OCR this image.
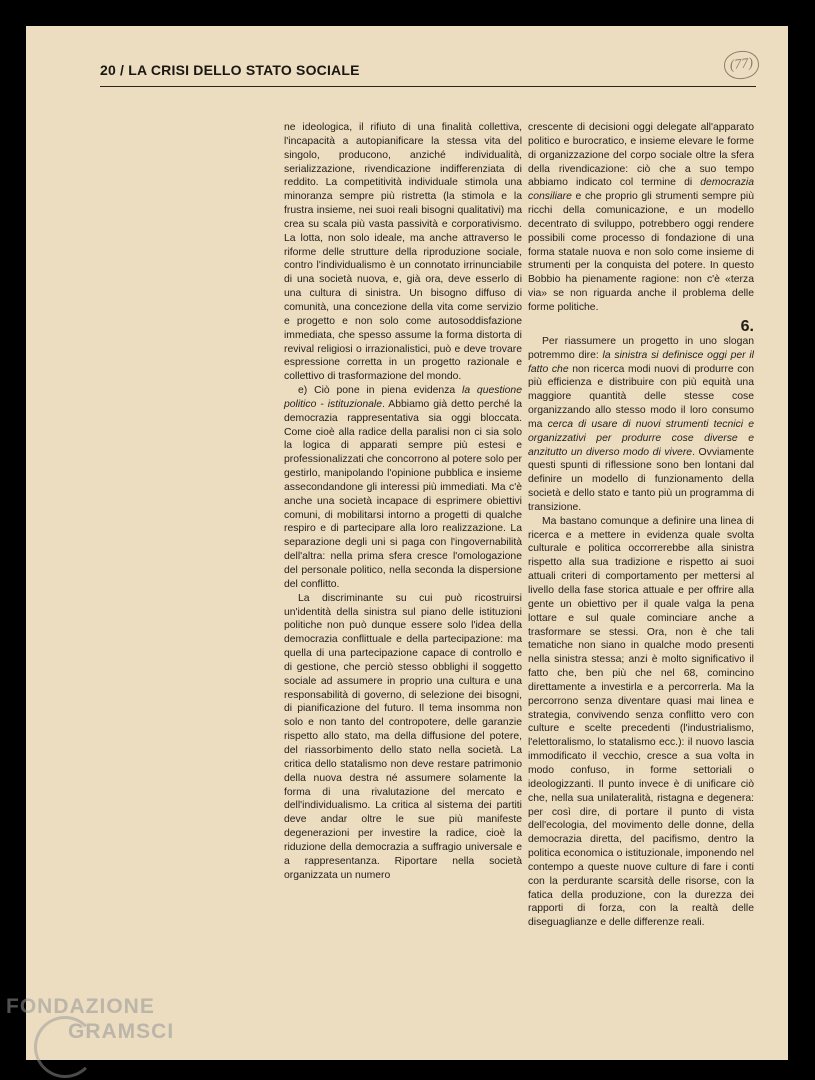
20 / LA CRISI DELLO STATO SOCIALE	(77)

ne ideologica, il rifiuto di una finalità collettiva, l'incapacità a autopianificare la stessa vita del singolo, producono, anziché individualità, serializzazione, rivendicazione indifferenziata di reddito. La competitività individuale stimola una minoranza sempre più ristretta (la stimola e la frustra insieme, nei suoi reali bisogni qualitativi) ma crea su scala più vasta passività e corporativismo. La lotta, non solo ideale, ma anche attraverso le riforme delle strutture della riproduzione sociale, contro l'individualismo è un connotato irrinunciabile di una società nuova, e, già ora, deve esserlo di una cultura di sinistra. Un bisogno diffuso di comunità, una concezione della vita come servizio e progetto e non solo come autosoddisfazione immediata, che spesso assume la forma distorta di revival religiosi o irrazionalistici, può e deve trovare espressione corretta in un progetto razionale e collettivo di trasformazione del mondo.

e) Ciò pone in piena evidenza la questione politico - istituzionale. Abbiamo già detto perché la democrazia rappresentativa sia oggi bloccata. Come cioè alla radice della paralisi non ci sia solo la logica di apparati sempre più estesi e professionalizzati che concorrono al potere solo per gestirlo, manipolando l'opinione pubblica e insieme assecondandone gli interessi più immediati. Ma c'è anche una società incapace di esprimere obiettivi comuni, di mobilitarsi intorno a progetti di qualche respiro e di partecipare alla loro realizzazione. La separazione degli uni si paga con l'ingovernabilità dell'altra: nella prima sfera cresce l'omologazione del personale politico, nella seconda la dispersione del conflitto.

La discriminante su cui può ricostruirsi un'identità della sinistra sul piano delle istituzioni politiche non può dunque essere solo l'idea della democrazia conflittuale e della partecipazione: ma quella di una partecipazione capace di controllo e di gestione, che perciò stesso obblighi il soggetto sociale ad assumere in proprio una cultura e una responsabilità di governo, di selezione dei bisogni, di pianificazione del futuro. Il tema insomma non solo e non tanto del contropotere, delle garanzie rispetto allo stato, ma della diffusione del potere, del riassorbimento dello stato nella società. La critica dello statalismo non deve restare patrimonio della nuova destra né assumere solamente la forma di una rivalutazione del mercato e dell'individualismo. La critica al sistema dei partiti deve andar oltre le sue più manifeste degenerazioni per investire la radice, cioè la riduzione della democrazia a suffragio universale e a rappresentanza. Riportare nella società organizzata un numero

crescente di decisioni oggi delegate all'apparato politico e burocratico, e insieme elevare le forme di organizzazione del corpo sociale oltre la sfera della rivendicazione: ciò che a suo tempo abbiamo indicato col termine di democrazia consiliare e che proprio gli strumenti sempre più ricchi della comunicazione, e un modello decentrato di sviluppo, potrebbero oggi rendere possibili come processo di fondazione di una forma statale nuova e non solo come insieme di strumenti per la conquista del potere. In questo Bobbio ha pienamente ragione: non c'è «terza via» se non riguarda anche il problema delle forme politiche.

6.

Per riassumere un progetto in uno slogan potremmo dire: la sinistra si definisce oggi per il fatto che non ricerca modi nuovi di produrre con più efficienza e distribuire con più equità una maggiore quantità delle stesse cose organizzando allo stesso modo il loro consumo ma cerca di usare di nuovi strumenti tecnici e organizzativi per produrre cose diverse e anzitutto un diverso modo di vivere. Ovviamente questi spunti di riflessione sono ben lontani dal definire un modello di funzionamento della società e dello stato e tanto più un programma di transizione.

Ma bastano comunque a definire una linea di ricerca e a mettere in evidenza quale svolta culturale e politica occorrerebbe alla sinistra rispetto alla sua tradizione e rispetto ai suoi attuali criteri di comportamento per mettersi al livello della fase storica attuale e per offrire alla gente un obiettivo per il quale valga la pena lottare e sul quale cominciare anche a trasformare se stessi. Ora, non è che tali tematiche non siano in qualche modo presenti nella sinistra stessa; anzi è molto significativo il fatto che, ben più che nel 68, comincino direttamente a investirla e a percorrerla. Ma la percorrono senza diventare quasi mai linea e strategia, convivendo senza conflitto vero con culture e scelte precedenti (l'industrialismo, l'elettoralismo, lo statalismo ecc.): il nuovo lascia immodificato il vecchio, cresce a sua volta in modo confuso, in forme settoriali o ideologizzanti. Il punto invece è di unificare ciò che, nella sua unilateralità, ristagna e degenera: per così dire, di portare il punto di vista dell'ecologia, del movimento delle donne, della democrazia diretta, del pacifismo, dentro la politica economica o istituzionale, imponendo nel contempo a queste nuove culture di fare i conti con la perdurante scarsità delle risorse, con la fatica della produzione, con la durezza dei rapporti di forza, con la realtà delle diseguaglianze e delle differenze reali.

FONDAZIONE
GRAMSCI
